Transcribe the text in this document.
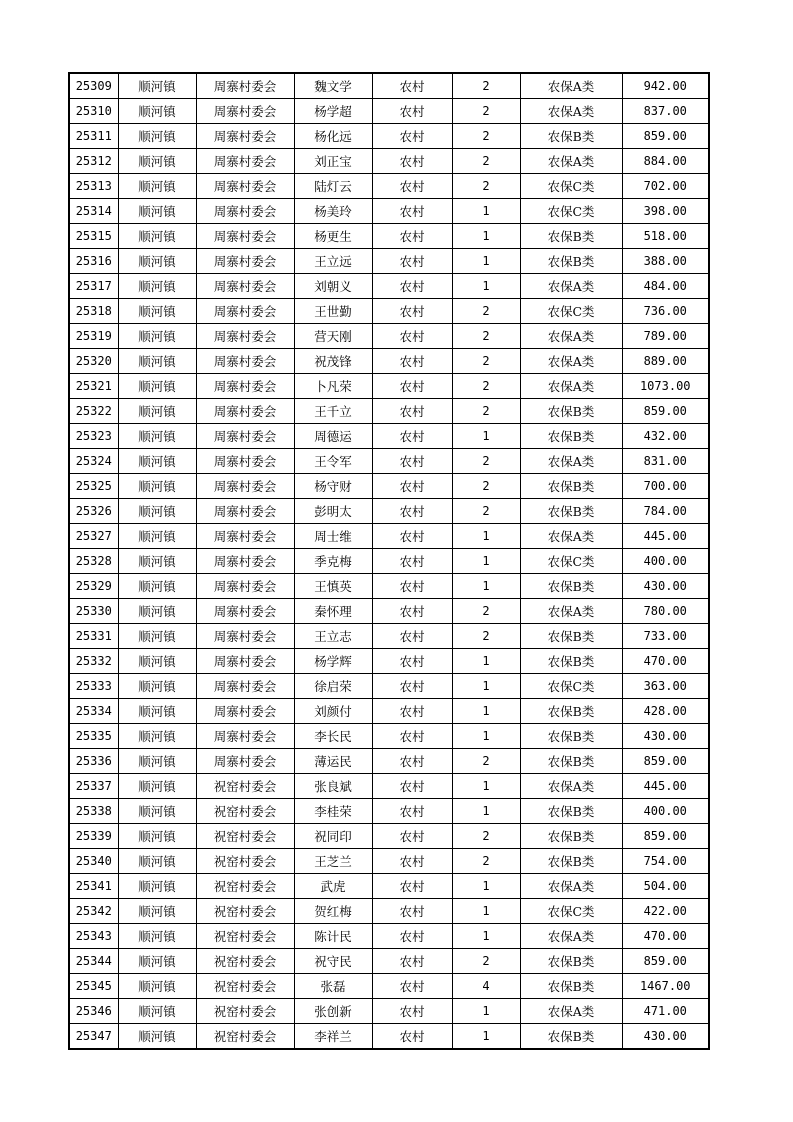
25309	顺河镇	周寨村委会	魏文学	农村	2	农保A类	942.00
25310	顺河镇	周寨村委会	杨学超	农村	2	农保A类	837.00
25311	顺河镇	周寨村委会	杨化远	农村	2	农保B类	859.00
25312	顺河镇	周寨村委会	刘正宝	农村	2	农保A类	884.00
25313	顺河镇	周寨村委会	陆灯云	农村	2	农保C类	702.00
25314	顺河镇	周寨村委会	杨美玲	农村	1	农保C类	398.00
25315	顺河镇	周寨村委会	杨更生	农村	1	农保B类	518.00
25316	顺河镇	周寨村委会	王立远	农村	1	农保B类	388.00
25317	顺河镇	周寨村委会	刘朝义	农村	1	农保A类	484.00
25318	顺河镇	周寨村委会	王世勤	农村	2	农保C类	736.00
25319	顺河镇	周寨村委会	营天刚	农村	2	农保A类	789.00
25320	顺河镇	周寨村委会	祝茂锋	农村	2	农保A类	889.00
25321	顺河镇	周寨村委会	卜凡荣	农村	2	农保A类	1073.00
25322	顺河镇	周寨村委会	王千立	农村	2	农保B类	859.00
25323	顺河镇	周寨村委会	周德运	农村	1	农保B类	432.00
25324	顺河镇	周寨村委会	王令军	农村	2	农保A类	831.00
25325	顺河镇	周寨村委会	杨守财	农村	2	农保B类	700.00
25326	顺河镇	周寨村委会	彭明太	农村	2	农保B类	784.00
25327	顺河镇	周寨村委会	周士维	农村	1	农保A类	445.00
25328	顺河镇	周寨村委会	季克梅	农村	1	农保C类	400.00
25329	顺河镇	周寨村委会	王慎英	农村	1	农保B类	430.00
25330	顺河镇	周寨村委会	秦怀理	农村	2	农保A类	780.00
25331	顺河镇	周寨村委会	王立志	农村	2	农保B类	733.00
25332	顺河镇	周寨村委会	杨学辉	农村	1	农保B类	470.00
25333	顺河镇	周寨村委会	徐启荣	农村	1	农保C类	363.00
25334	顺河镇	周寨村委会	刘颜付	农村	1	农保B类	428.00
25335	顺河镇	周寨村委会	李长民	农村	1	农保B类	430.00
25336	顺河镇	周寨村委会	薄运民	农村	2	农保B类	859.00
25337	顺河镇	祝窑村委会	张良斌	农村	1	农保A类	445.00
25338	顺河镇	祝窑村委会	李桂荣	农村	1	农保B类	400.00
25339	顺河镇	祝窑村委会	祝同印	农村	2	农保B类	859.00
25340	顺河镇	祝窑村委会	王芝兰	农村	2	农保B类	754.00
25341	顺河镇	祝窑村委会	武虎	农村	1	农保A类	504.00
25342	顺河镇	祝窑村委会	贺红梅	农村	1	农保C类	422.00
25343	顺河镇	祝窑村委会	陈计民	农村	1	农保A类	470.00
25344	顺河镇	祝窑村委会	祝守民	农村	2	农保B类	859.00
25345	顺河镇	祝窑村委会	张磊	农村	4	农保B类	1467.00
25346	顺河镇	祝窑村委会	张创新	农村	1	农保A类	471.00
25347	顺河镇	祝窑村委会	李祥兰	农村	1	农保B类	430.00
